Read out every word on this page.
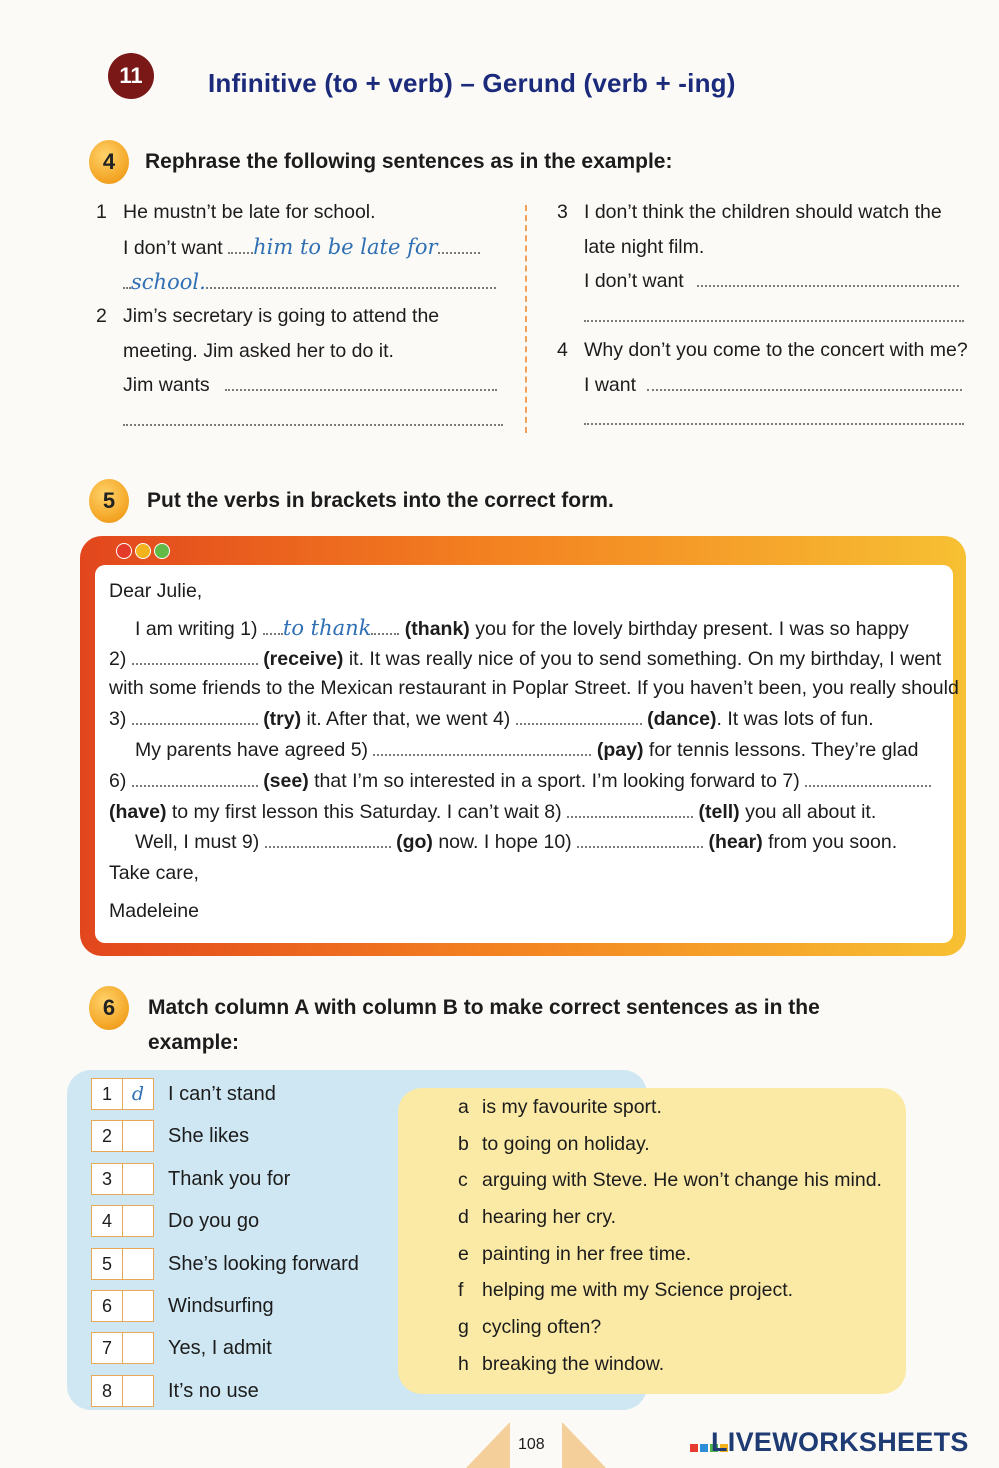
11	Infinitive (to + verb) – Gerund (verb + -ing)
4	Rephrase the following sentences as in the example:
1 He mustn’t be late for school.
I don’t want him to be late for
school.
2 Jim’s secretary is going to attend the
meeting. Jim asked her to do it.
Jim wants
3 I don’t think the children should watch the
late night film.
I don’t want
4 Why don’t you come to the concert with me?
I want
5	Put the verbs in brackets into the correct form.
Dear Julie,
I am writing 1) to thank (thank) you for the lovely birthday present. I was so happy
2)	(receive) it. It was really nice of you to send something. On my birthday, I went
with some friends to the Mexican restaurant in Poplar Street. If you haven’t been, you really should
3)	(try) it. After that, we went 4)	(dance). It was lots of fun.
My parents have agreed 5)	(pay) for tennis lessons. They’re glad
6)	(see) that I’m so interested in a sport. I’m looking forward to 7)
(have) to my first lesson this Saturday. I can’t wait 8)	(tell) you all about it.
Well, I must 9)	(go) now. I hope 10)	(hear) from you soon.
Take care,
Madeleine
6	Match column A with column B to make correct sentences as in the
example:
1 d I can’t stand
2	She likes
3	Thank you for
4	Do you go
5	She’s looking forward
6	Windsurfing
7	Yes, I admit
8	It’s no use
a is my favourite sport.
b to going on holiday.
c arguing with Steve. He won’t change his mind.
d hearing her cry.
e painting in her free time.
f helping me with my Science project.
g cycling often?
h breaking the window.
108	LIVEWORKSHEETS
